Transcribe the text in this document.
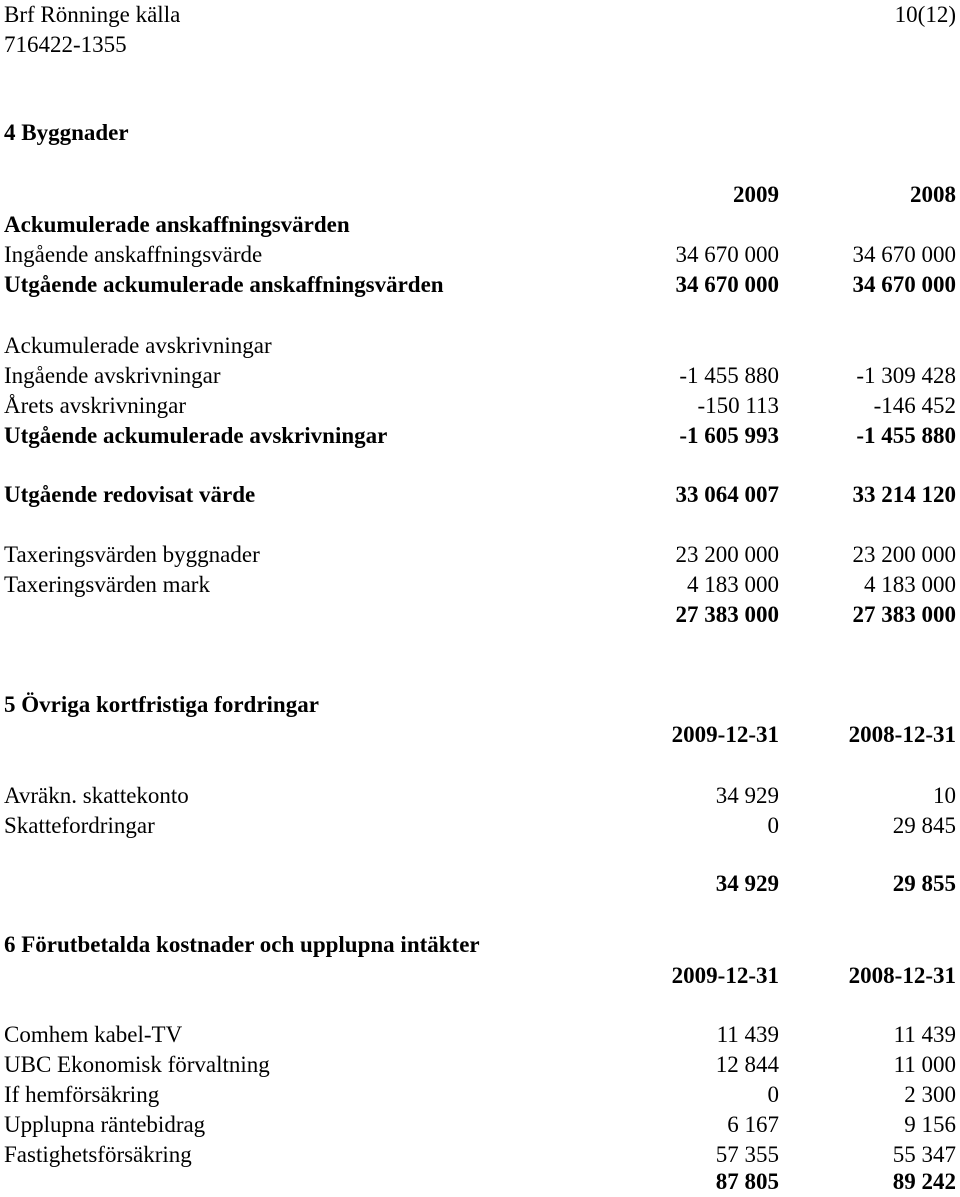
Brf Rönninge källa	10(12)
716422-1355
4 Byggnader
2009	2008
Ackumulerade anskaffningsvärden
Ingående anskaffningsvärde	34 670 000	34 670 000
Utgående ackumulerade anskaffningsvärden	34 670 000	34 670 000
Ackumulerade avskrivningar
Ingående avskrivningar	-1 455 880	-1 309 428
Årets avskrivningar	-150 113	-146 452
Utgående ackumulerade avskrivningar	-1 605 993	-1 455 880
Utgående redovisat värde	33 064 007	33 214 120
Taxeringsvärden byggnader	23 200 000	23 200 000
Taxeringsvärden mark	4 183 000	4 183 000
27 383 000	27 383 000
5 Övriga kortfristiga fordringar
2009-12-31	2008-12-31
Avräkn. skattekonto	34 929	10
Skattefordringar	0	29 845
34 929	29 855
6 Förutbetalda kostnader och upplupna intäkter
2009-12-31	2008-12-31
Comhem kabel-TV	11 439	11 439
UBC Ekonomisk förvaltning	12 844	11 000
If hemförsäkring	0	2 300
Upplupna räntebidrag	6 167	9 156
Fastighetsförsäkring	57 355	55 347
87 805	89 242
